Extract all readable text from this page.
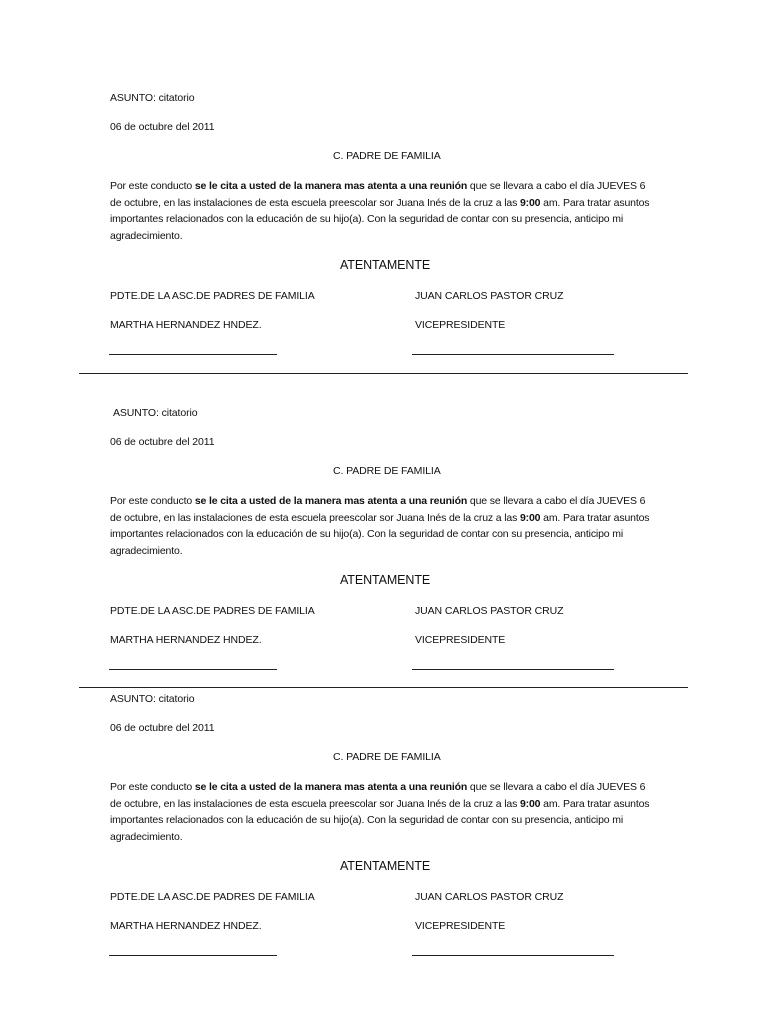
ASUNTO: citatorio
06 de octubre del 2011
C. PADRE DE FAMILIA
Por este conducto se le cita a usted de la manera mas atenta a una reunión que se llevara a cabo el día JUEVES 6 de octubre, en las instalaciones de esta escuela preescolar sor Juana Inés de la cruz a las 9:00 am. Para tratar asuntos importantes relacionados con la educación de su hijo(a). Con la seguridad de contar con su presencia, anticipo mi agradecimiento.
ATENTAMENTE
PDTE.DE LA ASC.DE PADRES DE FAMILIA	JUAN CARLOS PASTOR CRUZ
MARTHA HERNANDEZ HNDEZ.	VICEPRESIDENTE
ASUNTO: citatorio
06 de octubre del 2011
C. PADRE DE FAMILIA
Por este conducto se le cita a usted de la manera mas atenta a una reunión que se llevara a cabo el día JUEVES 6 de octubre, en las instalaciones de esta escuela preescolar sor Juana Inés de la cruz a las 9:00 am. Para tratar asuntos importantes relacionados con la educación de su hijo(a). Con la seguridad de contar con su presencia, anticipo mi agradecimiento.
ATENTAMENTE
PDTE.DE LA ASC.DE PADRES DE FAMILIA	JUAN CARLOS PASTOR CRUZ
MARTHA HERNANDEZ HNDEZ.	VICEPRESIDENTE
ASUNTO: citatorio
06 de octubre del 2011
C. PADRE DE FAMILIA
Por este conducto se le cita a usted de la manera mas atenta a una reunión que se llevara a cabo el día JUEVES 6 de octubre, en las instalaciones de esta escuela preescolar sor Juana Inés de la cruz a las 9:00 am. Para tratar asuntos importantes relacionados con la educación de su hijo(a). Con la seguridad de contar con su presencia, anticipo mi agradecimiento.
ATENTAMENTE
PDTE.DE LA ASC.DE PADRES DE FAMILIA	JUAN CARLOS PASTOR CRUZ
MARTHA HERNANDEZ HNDEZ.	VICEPRESIDENTE
